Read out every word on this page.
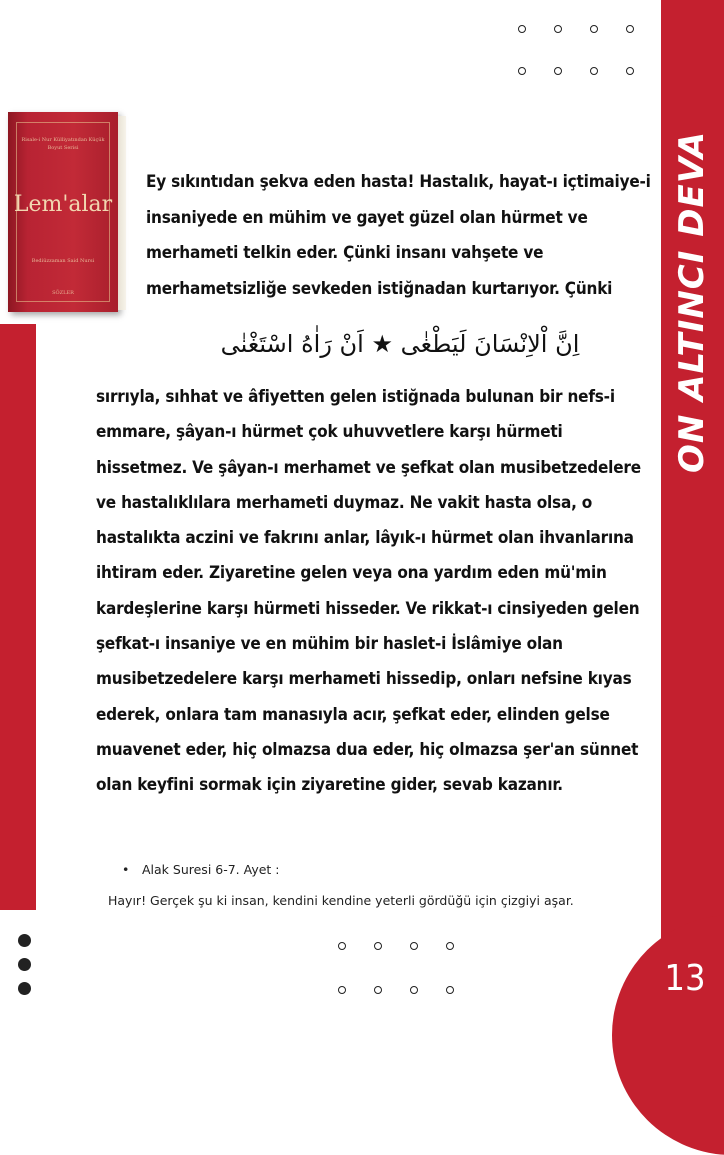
ON ALTINCI DEVA
13
Risale-i Nur Külliyatından Küçük Boyut Serisi
Lem'alar
Bediüzzaman Said Nursi
SÖZLER
Ey sıkıntıdan şekva eden hasta! Hastalık, hayat-ı içtimaiye-i insaniyede en mühim ve gayet güzel olan hürmet ve merhameti telkin eder. Çünki insanı vahşete ve merhametsizliğe sevkeden istiğnadan kurtarıyor. Çünki
اِنَّ اْلاِنْسَانَ لَيَطْغٰى ★ اَنْ رَاٰهُ اسْتَغْنٰى
sırrıyla, sıhhat ve âfiyetten gelen istiğnada bulunan bir nefs-i emmare, şâyan-ı hürmet çok uhuvvetlere karşı hürmeti hissetmez. Ve şâyan-ı merhamet ve şefkat olan musibetzedelere ve hastalıklılara merhameti duymaz. Ne vakit hasta olsa, o hastalıkta aczini ve fakrını anlar, lâyık-ı hürmet olan ihvanlarına ihtiram eder. Ziyaretine gelen veya ona yardım eden mü'min kardeşlerine karşı hürmeti hisseder. Ve rikkat-ı cinsiyeden gelen şefkat-ı insaniye ve en mühim bir haslet-i İslâmiye olan musibetzedelere karşı merhameti hissedip, onları nefsine kıyas ederek, onlara tam manasıyla acır, şefkat eder, elinden gelse muavenet eder, hiç olmazsa dua eder, hiç olmazsa şer'an sünnet olan keyfini sormak için ziyaretine gider, sevab kazanır.
• Alak Suresi 6-7. Ayet :
Hayır! Gerçek şu ki insan, kendini kendine yeterli gördüğü için çizgiyi aşar.
